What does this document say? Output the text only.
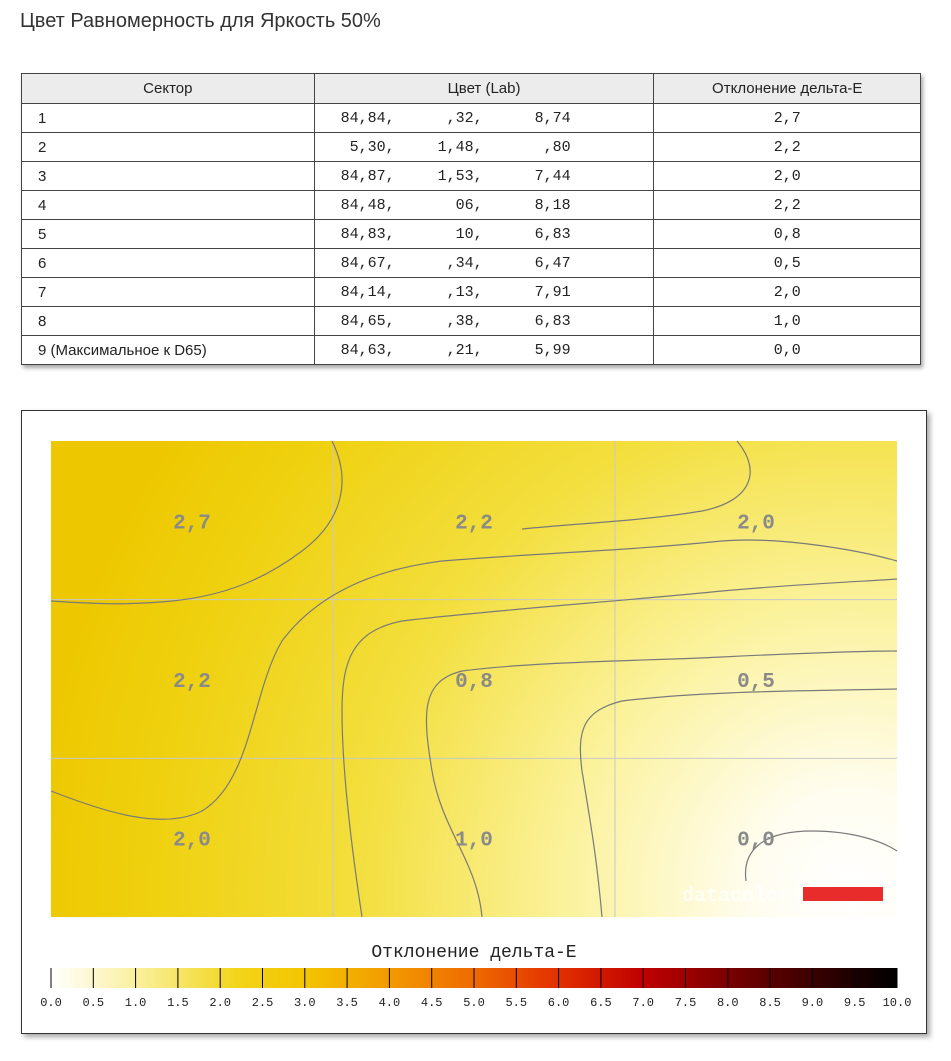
Цвет Равномерность для Яркость 50%
Сектор	Цвет (Lab)	Отклонение дельта-E
1	84,84, ,32, 8,74	2,7
2	5,30, 1,48, ,80	2,2
3	84,87, 1,53, 7,44	2,0
4	84,48, 06, 8,18	2,2
5	84,83, 10, 6,83	0,8
6	84,67, ,34, 6,47	0,5
7	84,14, ,13, 7,91	2,0
8	84,65, ,38, 6,83	1,0
9 (Максимальное к D65)	84,63, ,21, 5,99	0,0
datacolor
2,7	2,2	2,0
2,2	0,8	0,5
2,0	1,0	0,0
Отклонение дельта-E
0.0 0.5 1.0 1.5 2.0 2.5 3.0 3.5 4.0 4.5 5.0 5.5 6.0 6.5 7.0 7.5 8.0 8.5 9.0 9.5 10.0
